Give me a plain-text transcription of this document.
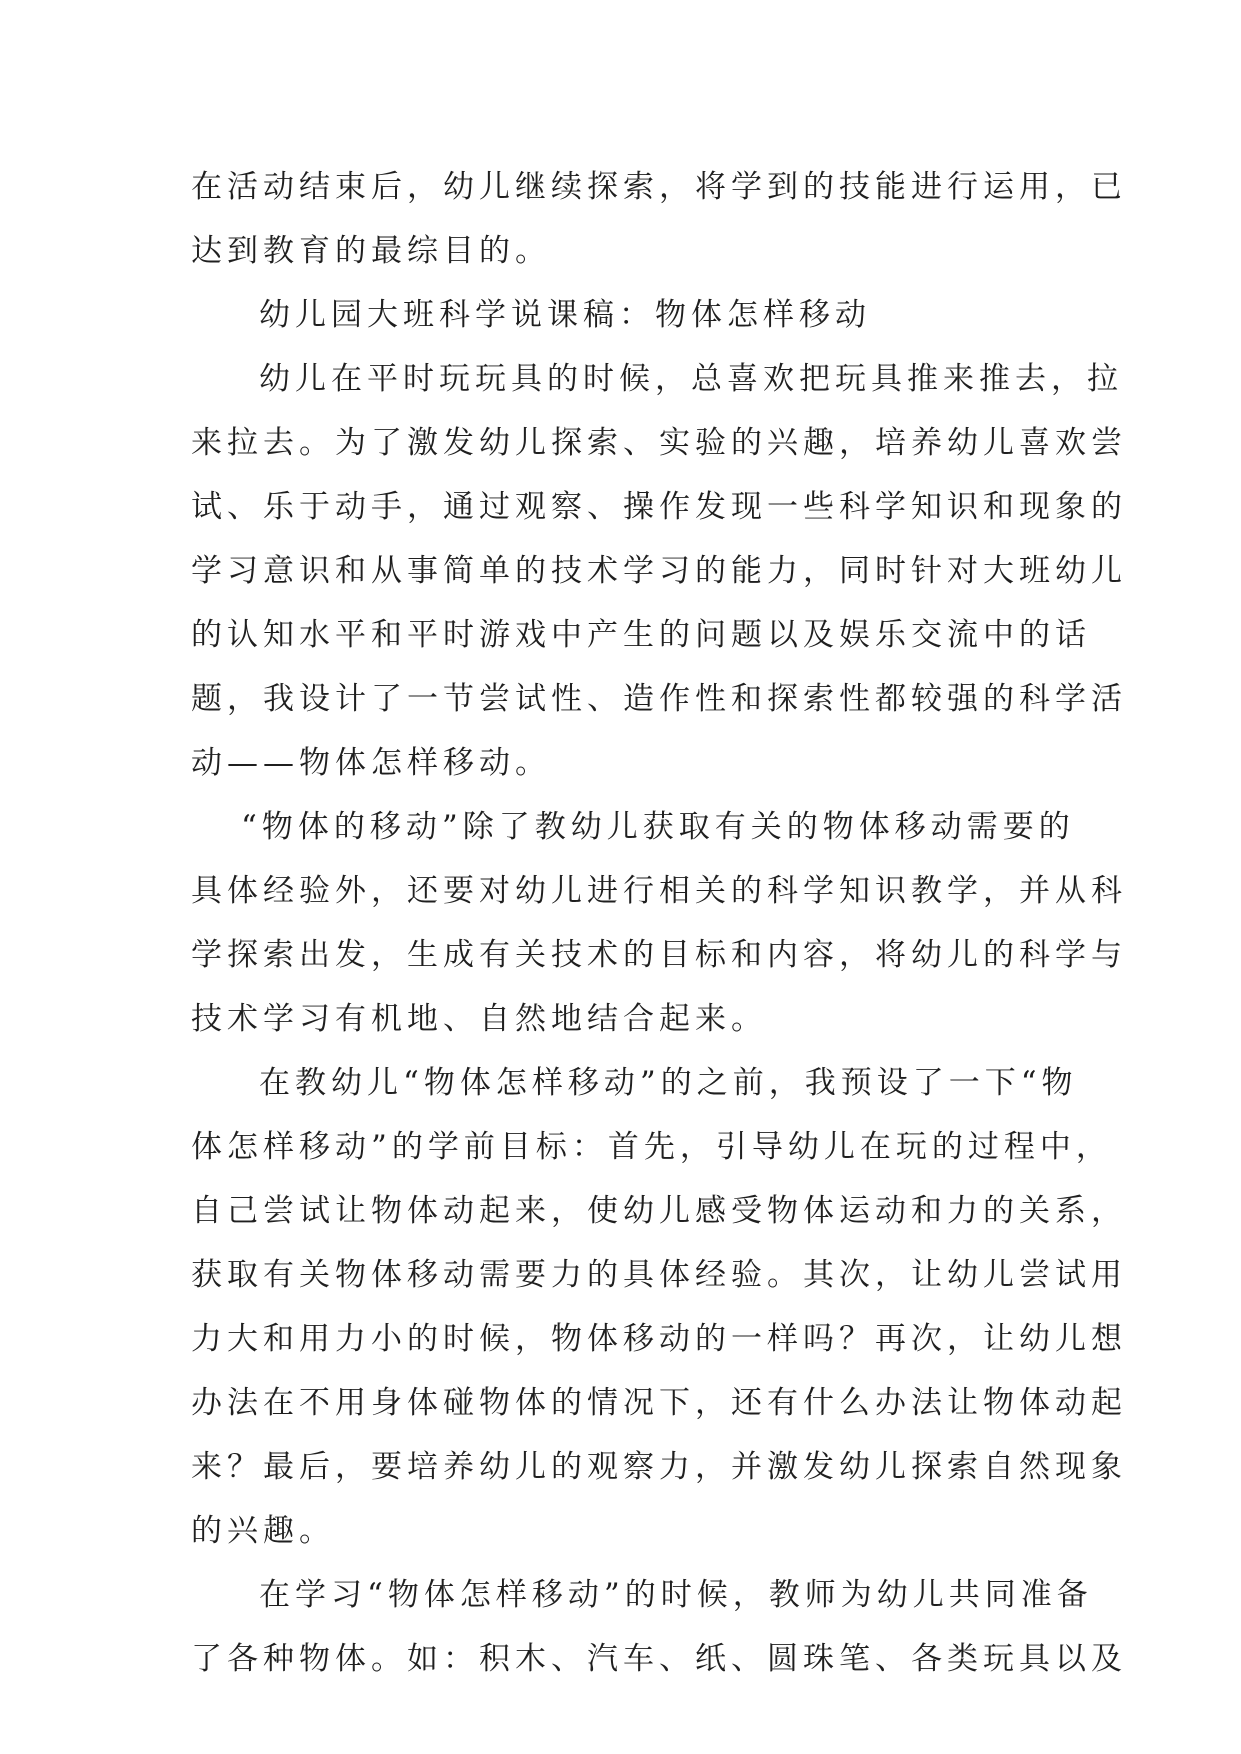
在活动结束后，幼儿继续探索，将学到的技能进行运用，已
达到教育的最综目的。
幼儿园大班科学说课稿：物体怎样移动
幼儿在平时玩玩具的时候，总喜欢把玩具推来推去，拉
来拉去。为了激发幼儿探索、实验的兴趣，培养幼儿喜欢尝
试、乐于动手，通过观察、操作发现一些科学知识和现象的
学习意识和从事简单的技术学习的能力，同时针对大班幼儿
的认知水平和平时游戏中产生的问题以及娱乐交流中的话
题，我设计了一节尝试性、造作性和探索性都较强的科学活
动——物体怎样移动。
“物体的移动”除了教幼儿获取有关的物体移动需要的
具体经验外，还要对幼儿进行相关的科学知识教学，并从科
学探索出发，生成有关技术的目标和内容，将幼儿的科学与
技术学习有机地、自然地结合起来。
在教幼儿“物体怎样移动”的之前，我预设了一下“物
体怎样移动”的学前目标：首先，引导幼儿在玩的过程中，
自己尝试让物体动起来，使幼儿感受物体运动和力的关系，
获取有关物体移动需要力的具体经验。其次，让幼儿尝试用
力大和用力小的时候，物体移动的一样吗？再次，让幼儿想
办法在不用身体碰物体的情况下，还有什么办法让物体动起
来？最后，要培养幼儿的观察力，并激发幼儿探索自然现象
的兴趣。
在学习“物体怎样移动”的时候，教师为幼儿共同准备
了各种物体。如：积木、汽车、纸、圆珠笔、各类玩具以及
